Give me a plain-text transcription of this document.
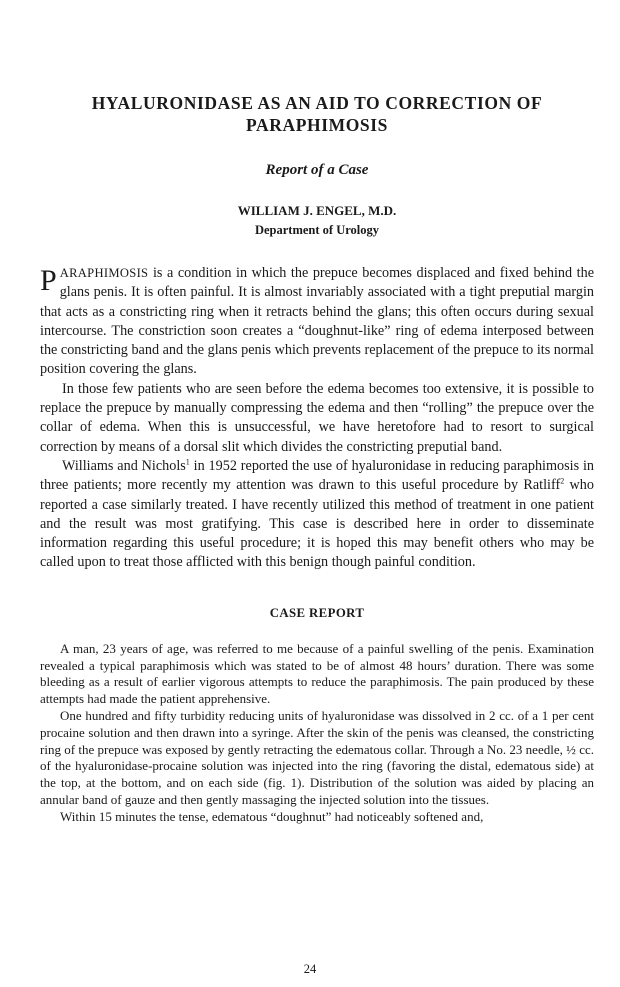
HYALURONIDASE AS AN AID TO CORRECTION OF PARAPHIMOSIS
Report of a Case
WILLIAM J. ENGEL, M.D.
Department of Urology

PARAPHIMOSIS is a condition in which the prepuce becomes displaced and fixed behind the glans penis. It is often painful. It is almost invariably associated with a tight preputial margin that acts as a constricting ring when it retracts behind the glans; this often occurs during sexual intercourse. The constriction soon creates a “doughnut-like” ring of edema interposed between the constricting band and the glans penis which prevents replacement of the prepuce to its normal position covering the glans.

In those few patients who are seen before the edema becomes too extensive, it is possible to replace the prepuce by manually compressing the edema and then “rolling” the prepuce over the collar of edema. When this is unsuccessful, we have heretofore had to resort to surgical correction by means of a dorsal slit which divides the constricting preputial band.

Williams and Nichols$^1$ in 1952 reported the use of hyaluronidase in reducing paraphimosis in three patients; more recently my attention was drawn to this useful procedure by Ratliff$^2$ who reported a case similarly treated. I have recently utilized this method of treatment in one patient and the result was most gratifying. This case is described here in order to disseminate information regarding this useful procedure; it is hoped this may benefit others who may be called upon to treat those afflicted with this benign though painful condition.

CASE REPORT

A man, 23 years of age, was referred to me because of a painful swelling of the penis. Examination revealed a typical paraphimosis which was stated to be of almost 48 hours’ duration. There was some bleeding as a result of earlier vigorous attempts to reduce the paraphimosis. The pain produced by these attempts had made the patient apprehensive.

One hundred and fifty turbidity reducing units of hyaluronidase was dissolved in 2 cc. of a 1 per cent procaine solution and then drawn into a syringe. After the skin of the penis was cleansed, the constricting ring of the prepuce was exposed by gently retracting the edematous collar. Through a No. 23 needle, ½ cc. of the hyaluronidase-procaine solution was injected into the ring (favoring the distal, edematous side) at the top, at the bottom, and on each side (fig. 1). Distribution of the solution was aided by placing an annular band of gauze and then gently massaging the injected solution into the tissues.

Within 15 minutes the tense, edematous “doughnut” had noticeably softened and,

24
